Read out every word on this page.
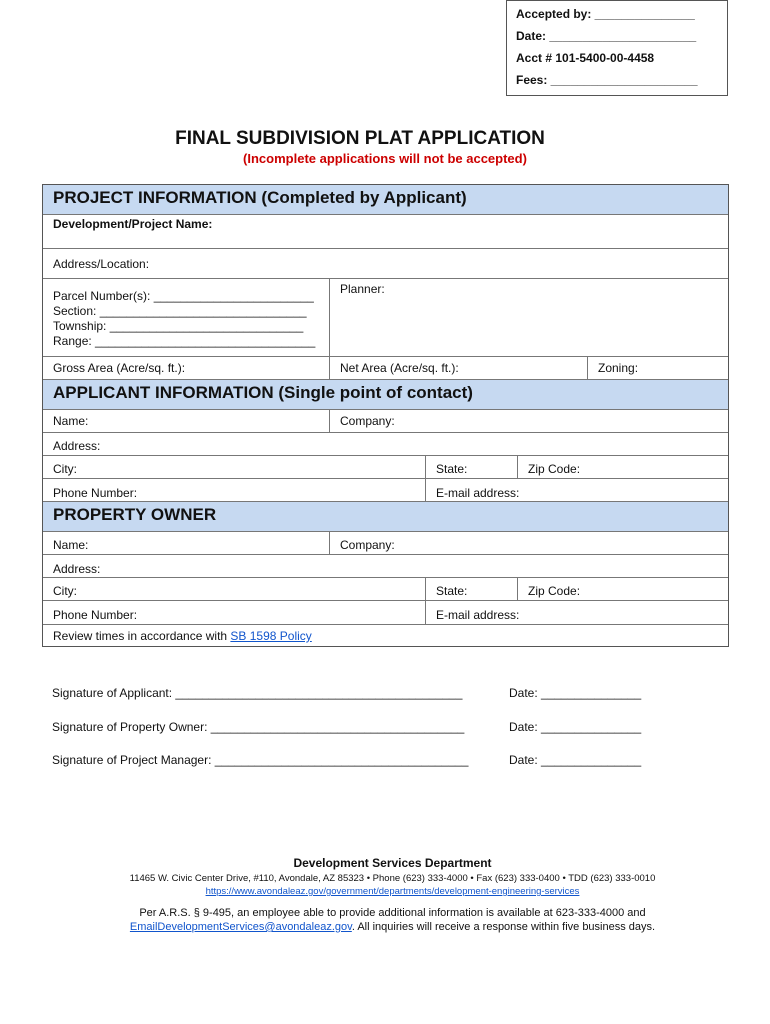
Accepted by: _______________
Date: ______________________
Acct # 101-5400-00-4458
Fees: ______________________
FINAL SUBDIVISION PLAT APPLICATION
(Incomplete applications will not be accepted)
PROJECT INFORMATION (Completed by Applicant)
Development/Project Name:
Address/Location:
Parcel Number(s): ________________________
Section: _______________________________
Township: _____________________________
Range: _________________________________
Planner:
Gross Area (Acre/sq. ft.):	Net Area (Acre/sq. ft.):	Zoning:
APPLICANT INFORMATION (Single point of contact)
Name:	Company:
Address:
City:	State:	Zip Code:
Phone Number:	E-mail address:
PROPERTY OWNER
Name:	Company:
Address:
City:	State:	Zip Code:
Phone Number:	E-mail address:
Review times in accordance with SB 1598 Policy
Signature of Applicant: ___________________________________________	Date: _______________
Signature of Property Owner: ______________________________________	Date: _______________
Signature of Project Manager: ______________________________________	Date: _______________
Development Services Department
11465 W. Civic Center Drive, #110, Avondale, AZ 85323 • Phone (623) 333-4000 • Fax (623) 333-0400 • TDD (623) 333-0010 https://www.avondaleaz.gov/government/departments/development-engineering-services
Per A.R.S. § 9-495, an employee able to provide additional information is available at 623-333-4000 and EmailDevelopmentServices@avondaleaz.gov. All inquiries will receive a response within five business days.
